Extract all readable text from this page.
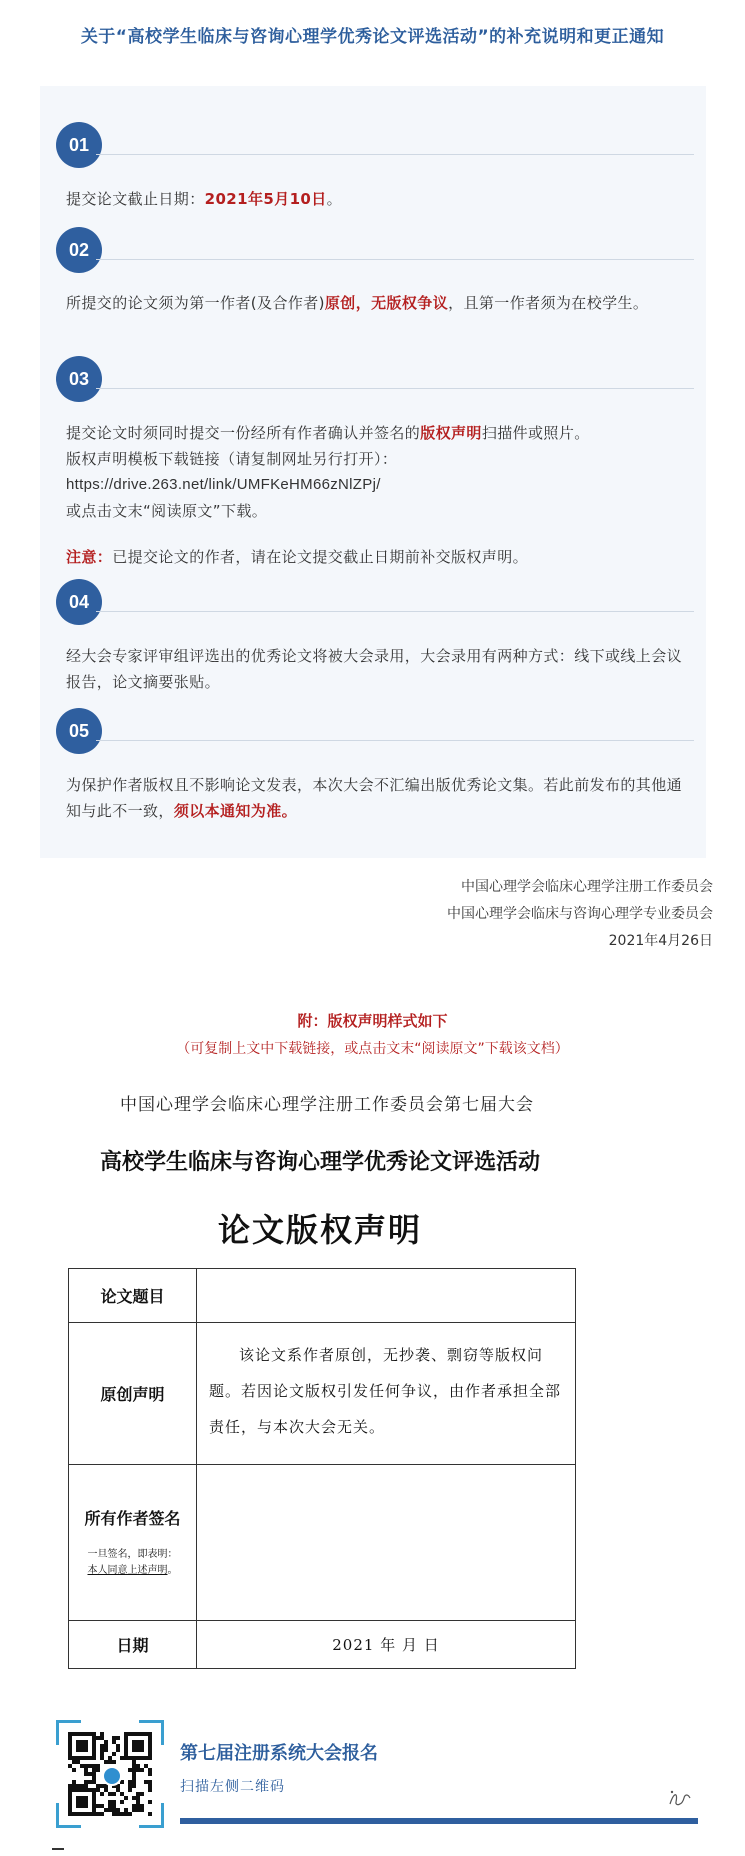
关于“高校学生临床与咨询心理学优秀论文评选活动”的补充说明和更正通知
01
提交论文截止日期：2021年5月10日。
02
所提交的论文须为第一作者(及合作者)原创，无版权争议，且第一作者须为在校学生。
03
提交论文时须同时提交一份经所有作者确认并签名的版权声明扫描件或照片。
版权声明模板下载链接（请复制网址另行打开）：
https://drive.263.net/link/UMFKeHM66zNlZPj/
或点击文末“阅读原文”下载。
注意：已提交论文的作者，请在论文提交截止日期前补交版权声明。
04
经大会专家评审组评选出的优秀论文将被大会录用，大会录用有两种方式：线下或线上会议报告，论文摘要张贴。
05
为保护作者版权且不影响论文发表，本次大会不汇编出版优秀论文集。若此前发布的其他通知与此不一致，须以本通知为准。
中国心理学会临床心理学注册工作委员会
中国心理学会临床与咨询心理学专业委员会
2021年4月26日
附：版权声明样式如下
（可复制上文中下载链接，或点击文末“阅读原文”下载该文档）
中国心理学会临床心理学注册工作委员会第七届大会
高校学生临床与咨询心理学优秀论文评选活动
论文版权声明
论文题目	
原创声明	该论文系作者原创，无抄袭、剽窃等版权问题。若因论文版权引发任何争议，由作者承担全部责任，与本次大会无关。

所有作者签名
一旦签名，即表明：
本人同意上述声明。	

日期	2021 年 月 日
第七届注册系统大会报名
扫描左侧二维码
